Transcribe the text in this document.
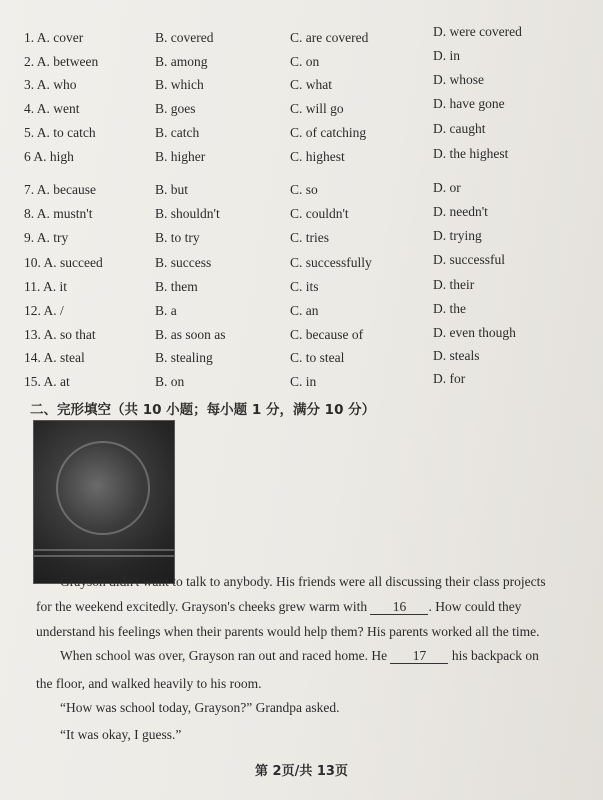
1. A. cover	B. covered	C. are covered	D. were covered
2. A. between	B. among	C. on	D. in
3. A. who	B. which	C. what	D. whose
4. A. went	B. goes	C. will go	D. have gone
5. A. to catch	B. catch	C. of catching	D. caught
6 A. high	B. higher	C. highest	D. the highest
7. A. because	B. but	C. so	D. or
8. A. mustn't	B. shouldn't	C. couldn't	D. needn't
9. A. try	B. to try	C. tries	D. trying
10. A. succeed	B. success	C. successfully	D. successful
11. A. it	B. them	C. its	D. their
12. A. /	B. a	C. an	D. the
13. A. so that	B. as soon as	C. because of	D. even though
14. A. steal	B. stealing	C. to steal	D. steals
15. A. at	B. on	C. in	D. for
二、完形填空（共 10 小题；每小题 1 分，满分 10 分）
Grayson didn't want to talk to anybody. His friends were all discussing their class projects
for the weekend excitedly. Grayson's cheeks grew warm with 16 . How could they
understand his feelings when their parents would help them? His parents worked all the time.
When school was over, Grayson ran out and raced home. He 17 his backpack on
the floor, and walked heavily to his room.
“How was school today, Grayson?” Grandpa asked.
“It was okay, I guess.”
第 2页/共 13页
